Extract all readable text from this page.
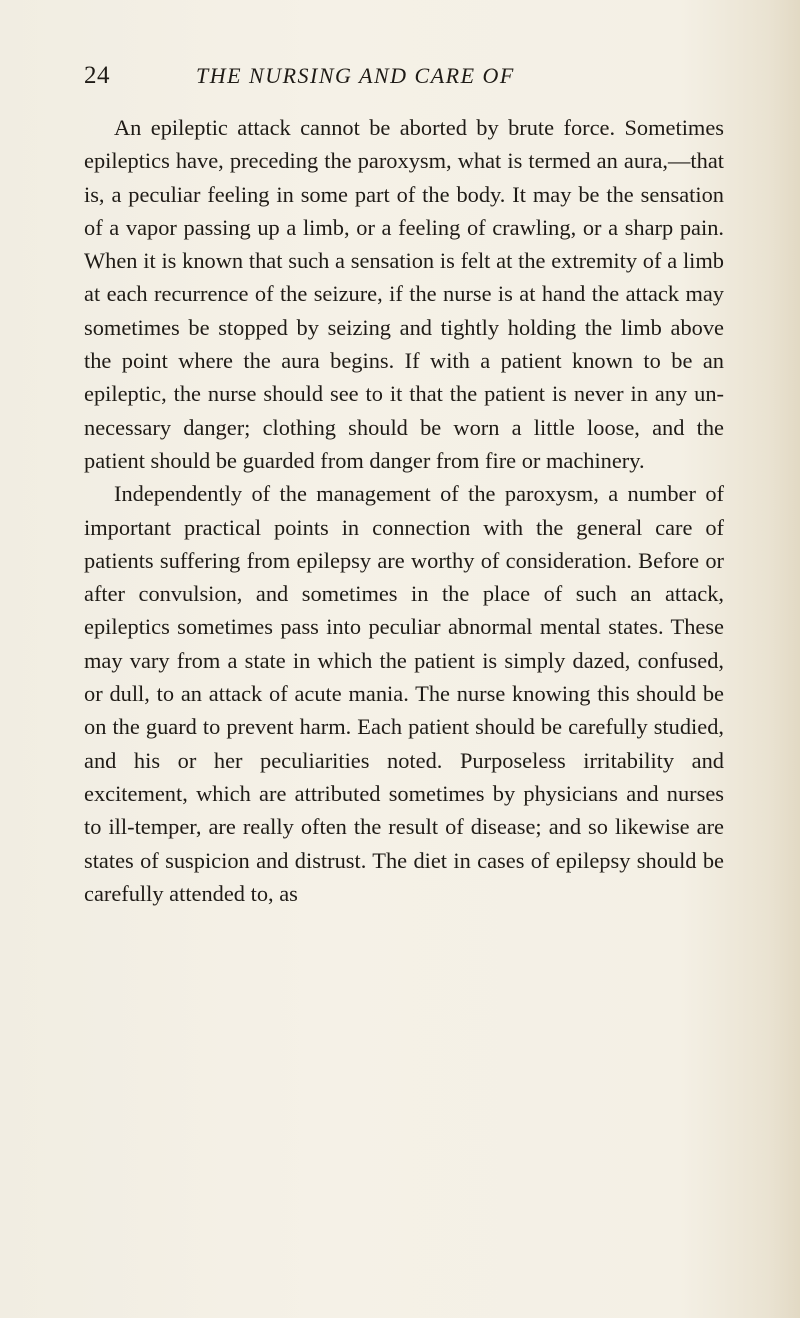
24	THE NURSING AND CARE OF

An epileptic attack cannot be aborted by brute force. Sometimes epileptics have, preceding the paroxysm, what is termed an aura,—that is, a peculiar feeling in some part of the body. It may be the sensation of a vapor passing up a limb, or a feeling of crawling, or a sharp pain. When it is known that such a sensation is felt at the extremity of a limb at each recurrence of the seizure, if the nurse is at hand the attack may sometimes be stopped by seizing and tightly holding the limb above the point where the aura begins. If with a patient known to be an epileptic, the nurse should see to it that the patient is never in any unnecessary danger; clothing should be worn a little loose, and the patient should be guarded from danger from fire or machinery.

Independently of the management of the paroxysm, a number of important practical points in connection with the general care of patients suffering from epilepsy are worthy of consideration. Before or after convulsion, and sometimes in the place of such an attack, epileptics sometimes pass into peculiar abnormal mental states. These may vary from a state in which the patient is simply dazed, confused, or dull, to an attack of acute mania. The nurse knowing this should be on the guard to prevent harm. Each patient should be carefully studied, and his or her peculiarities noted. Purposeless irritability and excitement, which are attributed sometimes by physicians and nurses to ill-temper, are really often the result of disease; and so likewise are states of suspicion and distrust. The diet in cases of epilepsy should be carefully attended to, as
